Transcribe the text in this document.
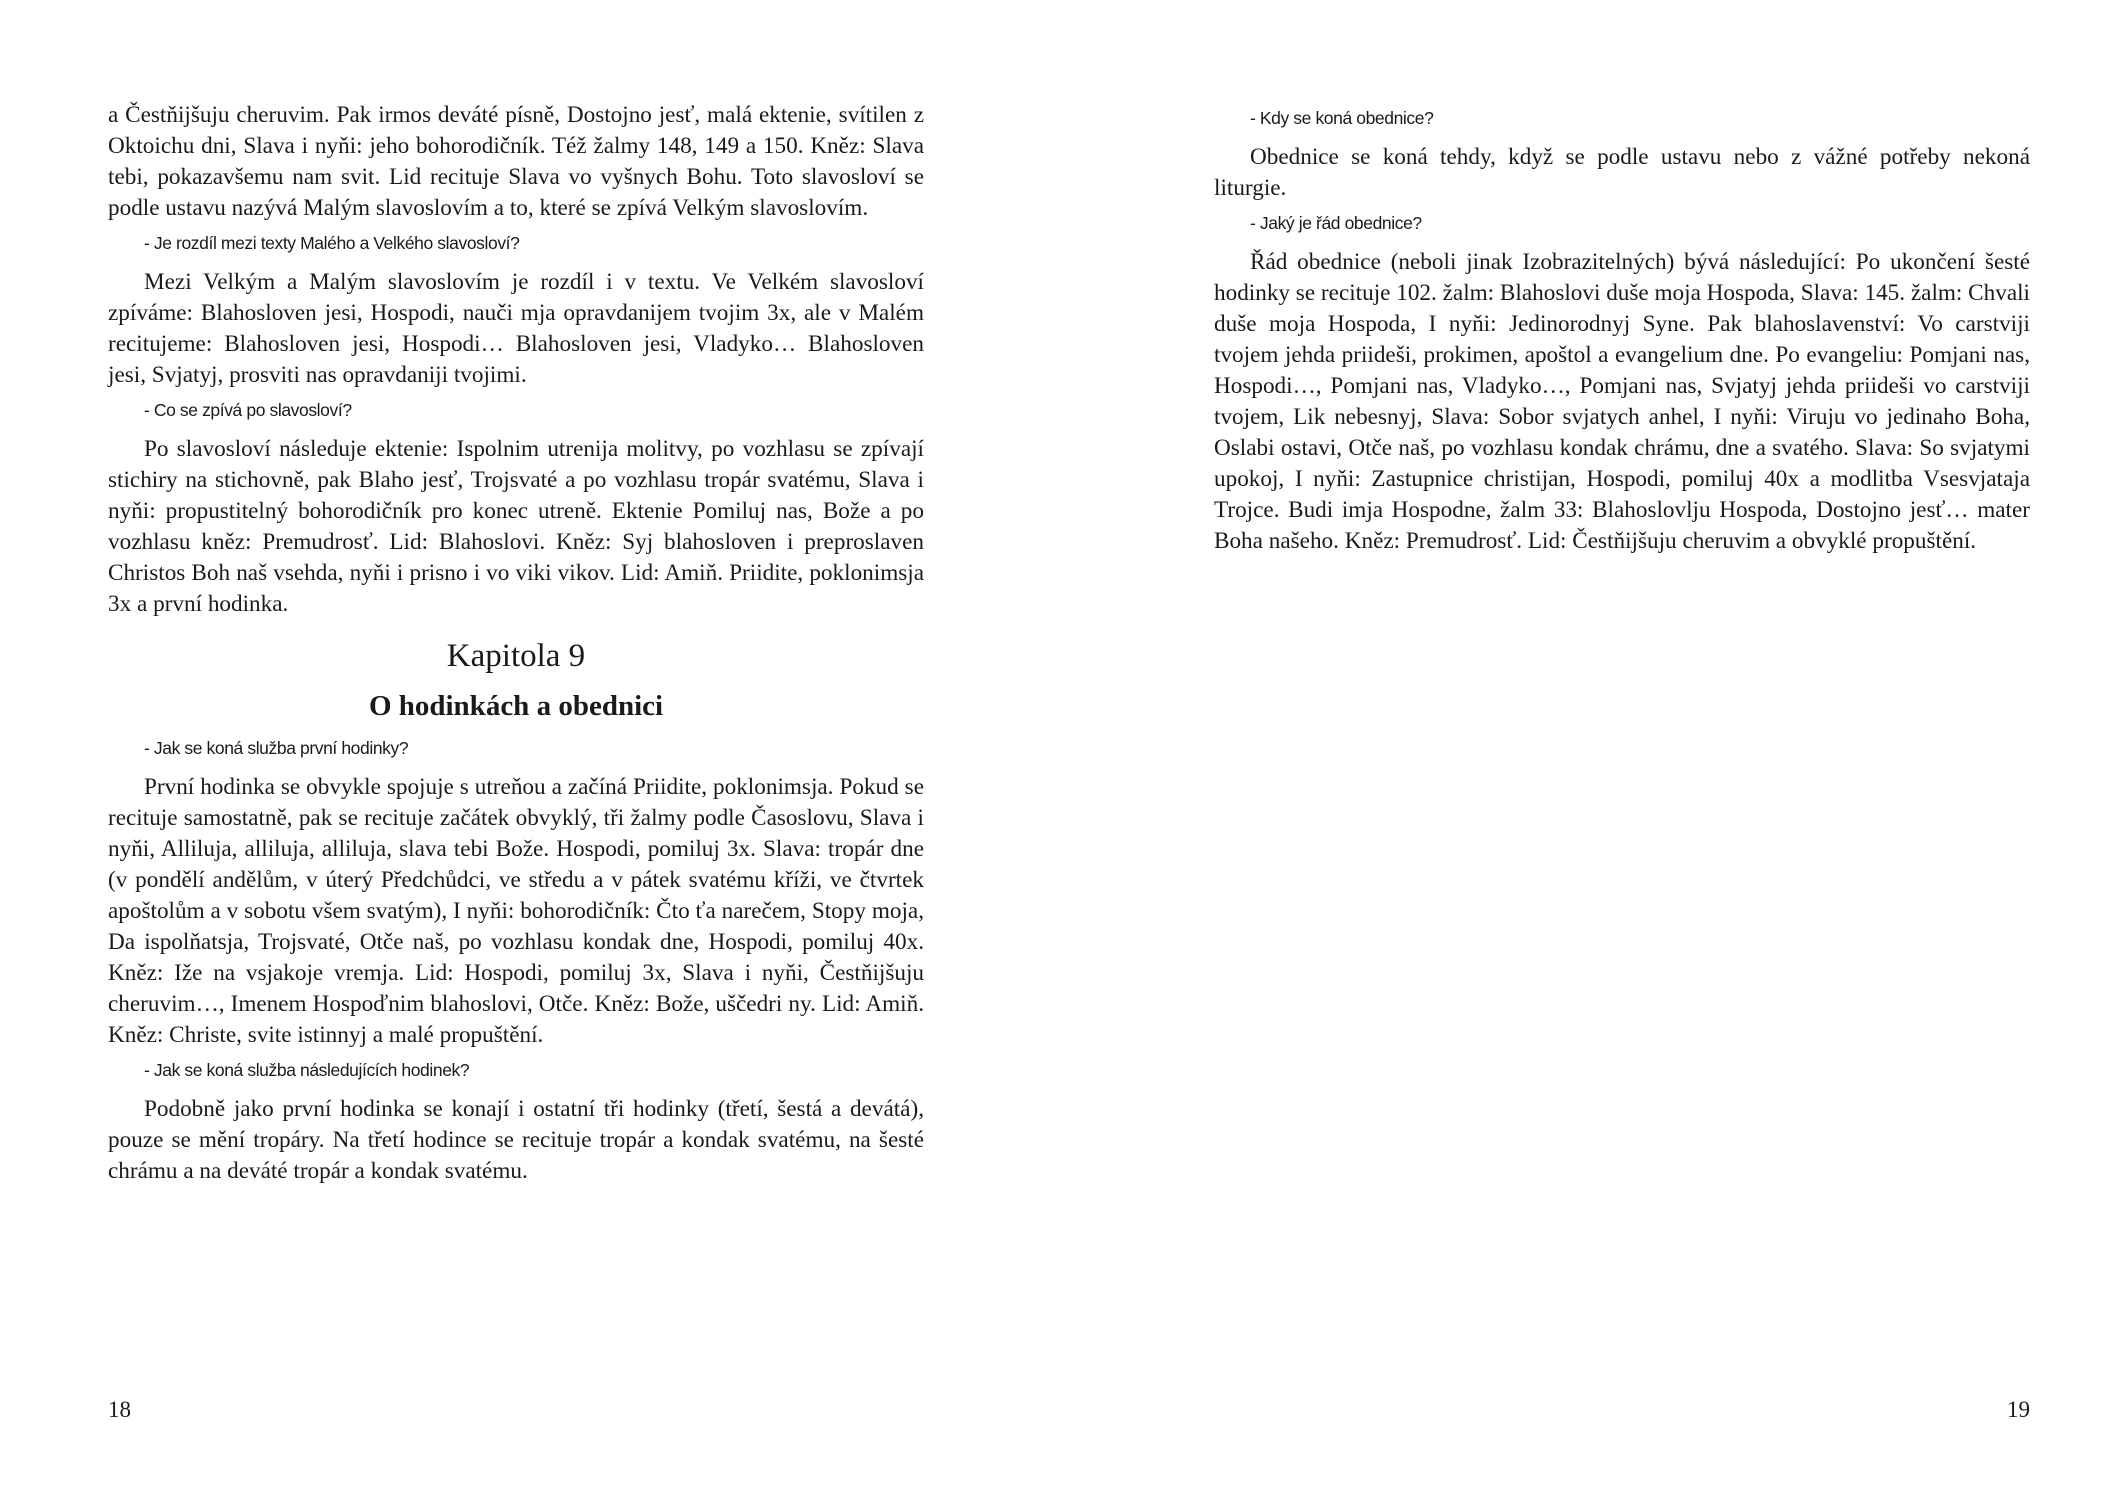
a Čestňijšuju cheruvim. Pak irmos deváté písně, Dostojno jesť, malá ektenie, svítilen z Oktoichu dni, Slava i nyňi: jeho bohorodičník. Též žalmy 148, 149 a 150. Kněz: Slava tebi, pokazavšemu nam svit. Lid recituje Slava vo vyšnych Bohu. Toto slavosloví se podle ustavu nazývá Malým slavoslovím a to, které se zpívá Velkým slavoslovím.

- Je rozdíl mezi texty Malého a Velkého slavosloví?

Mezi Velkým a Malým slavoslovím je rozdíl i v textu. Ve Velkém slavosloví zpíváme: Blahosloven jesi, Hospodi, nauči mja opravdanijem tvojim 3x, ale v Malém recitujeme: Blahosloven jesi, Hospodi… Blahosloven jesi, Vladyko… Blahosloven jesi, Svjatyj, prosviti nas opravdaniji tvojimi.

- Co se zpívá po slavosloví?

Po slavosloví následuje ektenie: Ispolnim utrenija molitvy, po vozhlasu se zpívají stichiry na stichovně, pak Blaho jesť, Trojsvaté a po vozhlasu tropár svatému, Slava i nyňi: propustitelný bohorodičník pro konec utreně. Ektenie Pomiluj nas, Bože a po vozhlasu kněz: Premudrosť. Lid: Blahoslovi. Kněz: Syj blahosloven i preproslaven Christos Boh naš vsehda, nyňi i prisno i vo viki vikov. Lid: Amiň. Priidite, poklonimsja 3x a první hodinka.

Kapitola 9
O hodinkách a obednici
- Jak se koná služba první hodinky?

První hodinka se obvykle spojuje s utreňou a začíná Priidite, poklonimsja. Pokud se recituje samostatně, pak se recituje začátek obvyklý, tři žalmy podle Časoslovu, Slava i nyňi, Alliluja, alliluja, alliluja, slava tebi Bože. Hospodi, pomiluj 3x. Slava: tropár dne (v pondělí andělům, v úterý Předchůdci, ve středu a v pátek svatému kříži, ve čtvrtek apoštolům a v sobotu všem svatým), I nyňi: bohorodičník: Čto ťa narečem, Stopy moja, Da ispolňatsja, Trojsvaté, Otče naš, po vozhlasu kondak dne, Hospodi, pomiluj 40x. Kněz: Iže na vsjakoje vremja. Lid: Hospodi, pomiluj 3x, Slava i nyňi, Čestňijšuju cheruvim…, Imenem Hospoďnim blahoslovi, Otče. Kněz: Bože, uščedri ny. Lid: Amiň. Kněz: Christe, svite istinnyj a malé propuštění.

- Jak se koná služba následujících hodinek?

Podobně jako první hodinka se konají i ostatní tři hodinky (třetí, šestá a devátá), pouze se mění tropáry. Na třetí hodince se recituje tropár a kondak svatému, na šesté chrámu a na deváté tropár a kondak svatému.

18
- Kdy se koná obednice?

Obednice se koná tehdy, když se podle ustavu nebo z vážné potřeby nekoná liturgie.

- Jaký je řád obednice?

Řád obednice (neboli jinak Izobrazitelných) bývá následující: Po ukončení šesté hodinky se recituje 102. žalm: Blahoslovi duše moja Hospoda, Slava: 145. žalm: Chvali duše moja Hospoda, I nyňi: Jedinorodnyj Syne. Pak blahoslavenství: Vo carstviji tvojem jehda priideši, prokimen, apoštol a evangelium dne. Po evangeliu: Pomjani nas, Hospodi…, Pomjani nas, Vladyko…, Pomjani nas, Svjatyj jehda priideši vo carstviji tvojem, Lik nebesnyj, Slava: Sobor svjatych anhel, I nyňi: Viruju vo jedinaho Boha, Oslabi ostavi, Otče naš, po vozhlasu kondak chrámu, dne a svatého. Slava: So svjatymi upokoj, I nyňi: Zastupnice christijan, Hospodi, pomiluj 40x a modlitba Vsesvjataja Trojce. Budi imja Hospodne, žalm 33: Blahoslovlju Hospoda, Dostojno jesť… mater Boha našeho. Kněz: Premudrosť. Lid: Čestňijšuju cheruvim a obvyklé propuštění.

19
